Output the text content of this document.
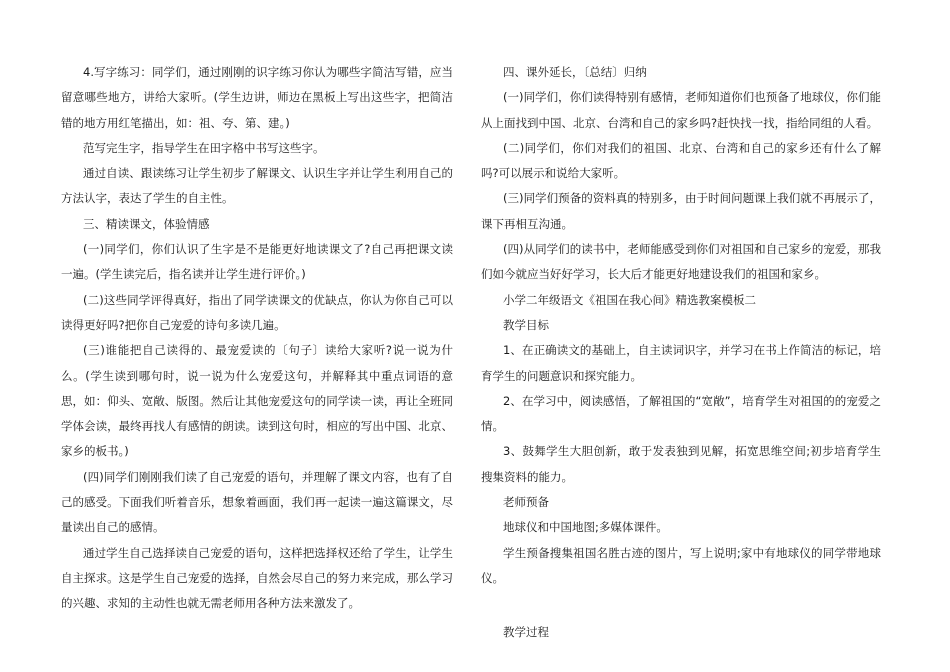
4.写字练习：同学们，通过刚刚的识字练习你认为哪些字简洁写错，应当留意哪些地方，讲给大家听。(学生边讲，师边在黑板上写出这些字，把简洁错的地方用红笔描出，如：祖、夸、第、建。)

范写完生字，指导学生在田字格中书写这些字。

通过自读、跟读练习让学生初步了解课文、认识生字并让学生利用自己的方法认字，表达了学生的自主性。

三、精读课文，体验情感

(一)同学们，你们认识了生字是不是能更好地读课文了?自己再把课文读一遍。(学生读完后，指名读并让学生进行评价。)

(二)这些同学评得真好，指出了同学读课文的优缺点，你认为你自己可以读得更好吗?把你自己宠爱的诗句多读几遍。

(三)谁能把自己读得的、最宠爱读的〔句子〕读给大家听?说一说为什么。(学生读到哪句时，说一说为什么宠爱这句，并解释其中重点词语的意思，如：仰头、宽敞、版图。然后让其他宠爱这句的同学读一读，再让全班同学体会读，最终再找人有感情的朗读。读到这句时，相应的写出中国、北京、家乡的板书。)

(四)同学们刚刚我们读了自己宠爱的语句，并理解了课文内容，也有了自己的感受。下面我们听着音乐，想象着画面，我们再一起读一遍这篇课文，尽量读出自己的感情。

通过学生自己选择读自己宠爱的语句，这样把选择权还给了学生，让学生自主探求。这是学生自己宠爱的选择，自然会尽自己的努力来完成，那么学习的兴趣、求知的主动性也就无需老师用各种方法来激发了。

四、课外延长，〔总结〕归纳

(一)同学们，你们读得特别有感情，老师知道你们也预备了地球仪，你们能从上面找到中国、北京、台湾和自己的家乡吗?赶快找一找，指给同组的人看。

(二)同学们，你们对我们的祖国、北京、台湾和自己的家乡还有什么了解吗?可以展示和说给大家听。

(三)同学们预备的资料真的特别多，由于时间问题课上我们就不再展示了，课下再相互沟通。

(四)从同学们的读书中，老师能感受到你们对祖国和自己家乡的宠爱，那我们如今就应当好好学习，长大后才能更好地建设我们的祖国和家乡。

小学二年级语文《祖国在我心间》精选教案模板二

教学目标

1、在正确读文的基础上，自主读词识字，并学习在书上作简洁的标记，培育学生的问题意识和探究能力。

2、在学习中，阅读感悟，了解祖国的“宽敞”，培育学生对祖国的的宠爱之情。

3、鼓舞学生大胆创新，敢于发表独到见解，拓宽思维空间;初步培育学生搜集资料的能力。

老师预备

地球仪和中国地图;多媒体课件。

学生预备搜集祖国名胜古迹的图片，写上说明;家中有地球仪的同学带地球仪。

教学过程
